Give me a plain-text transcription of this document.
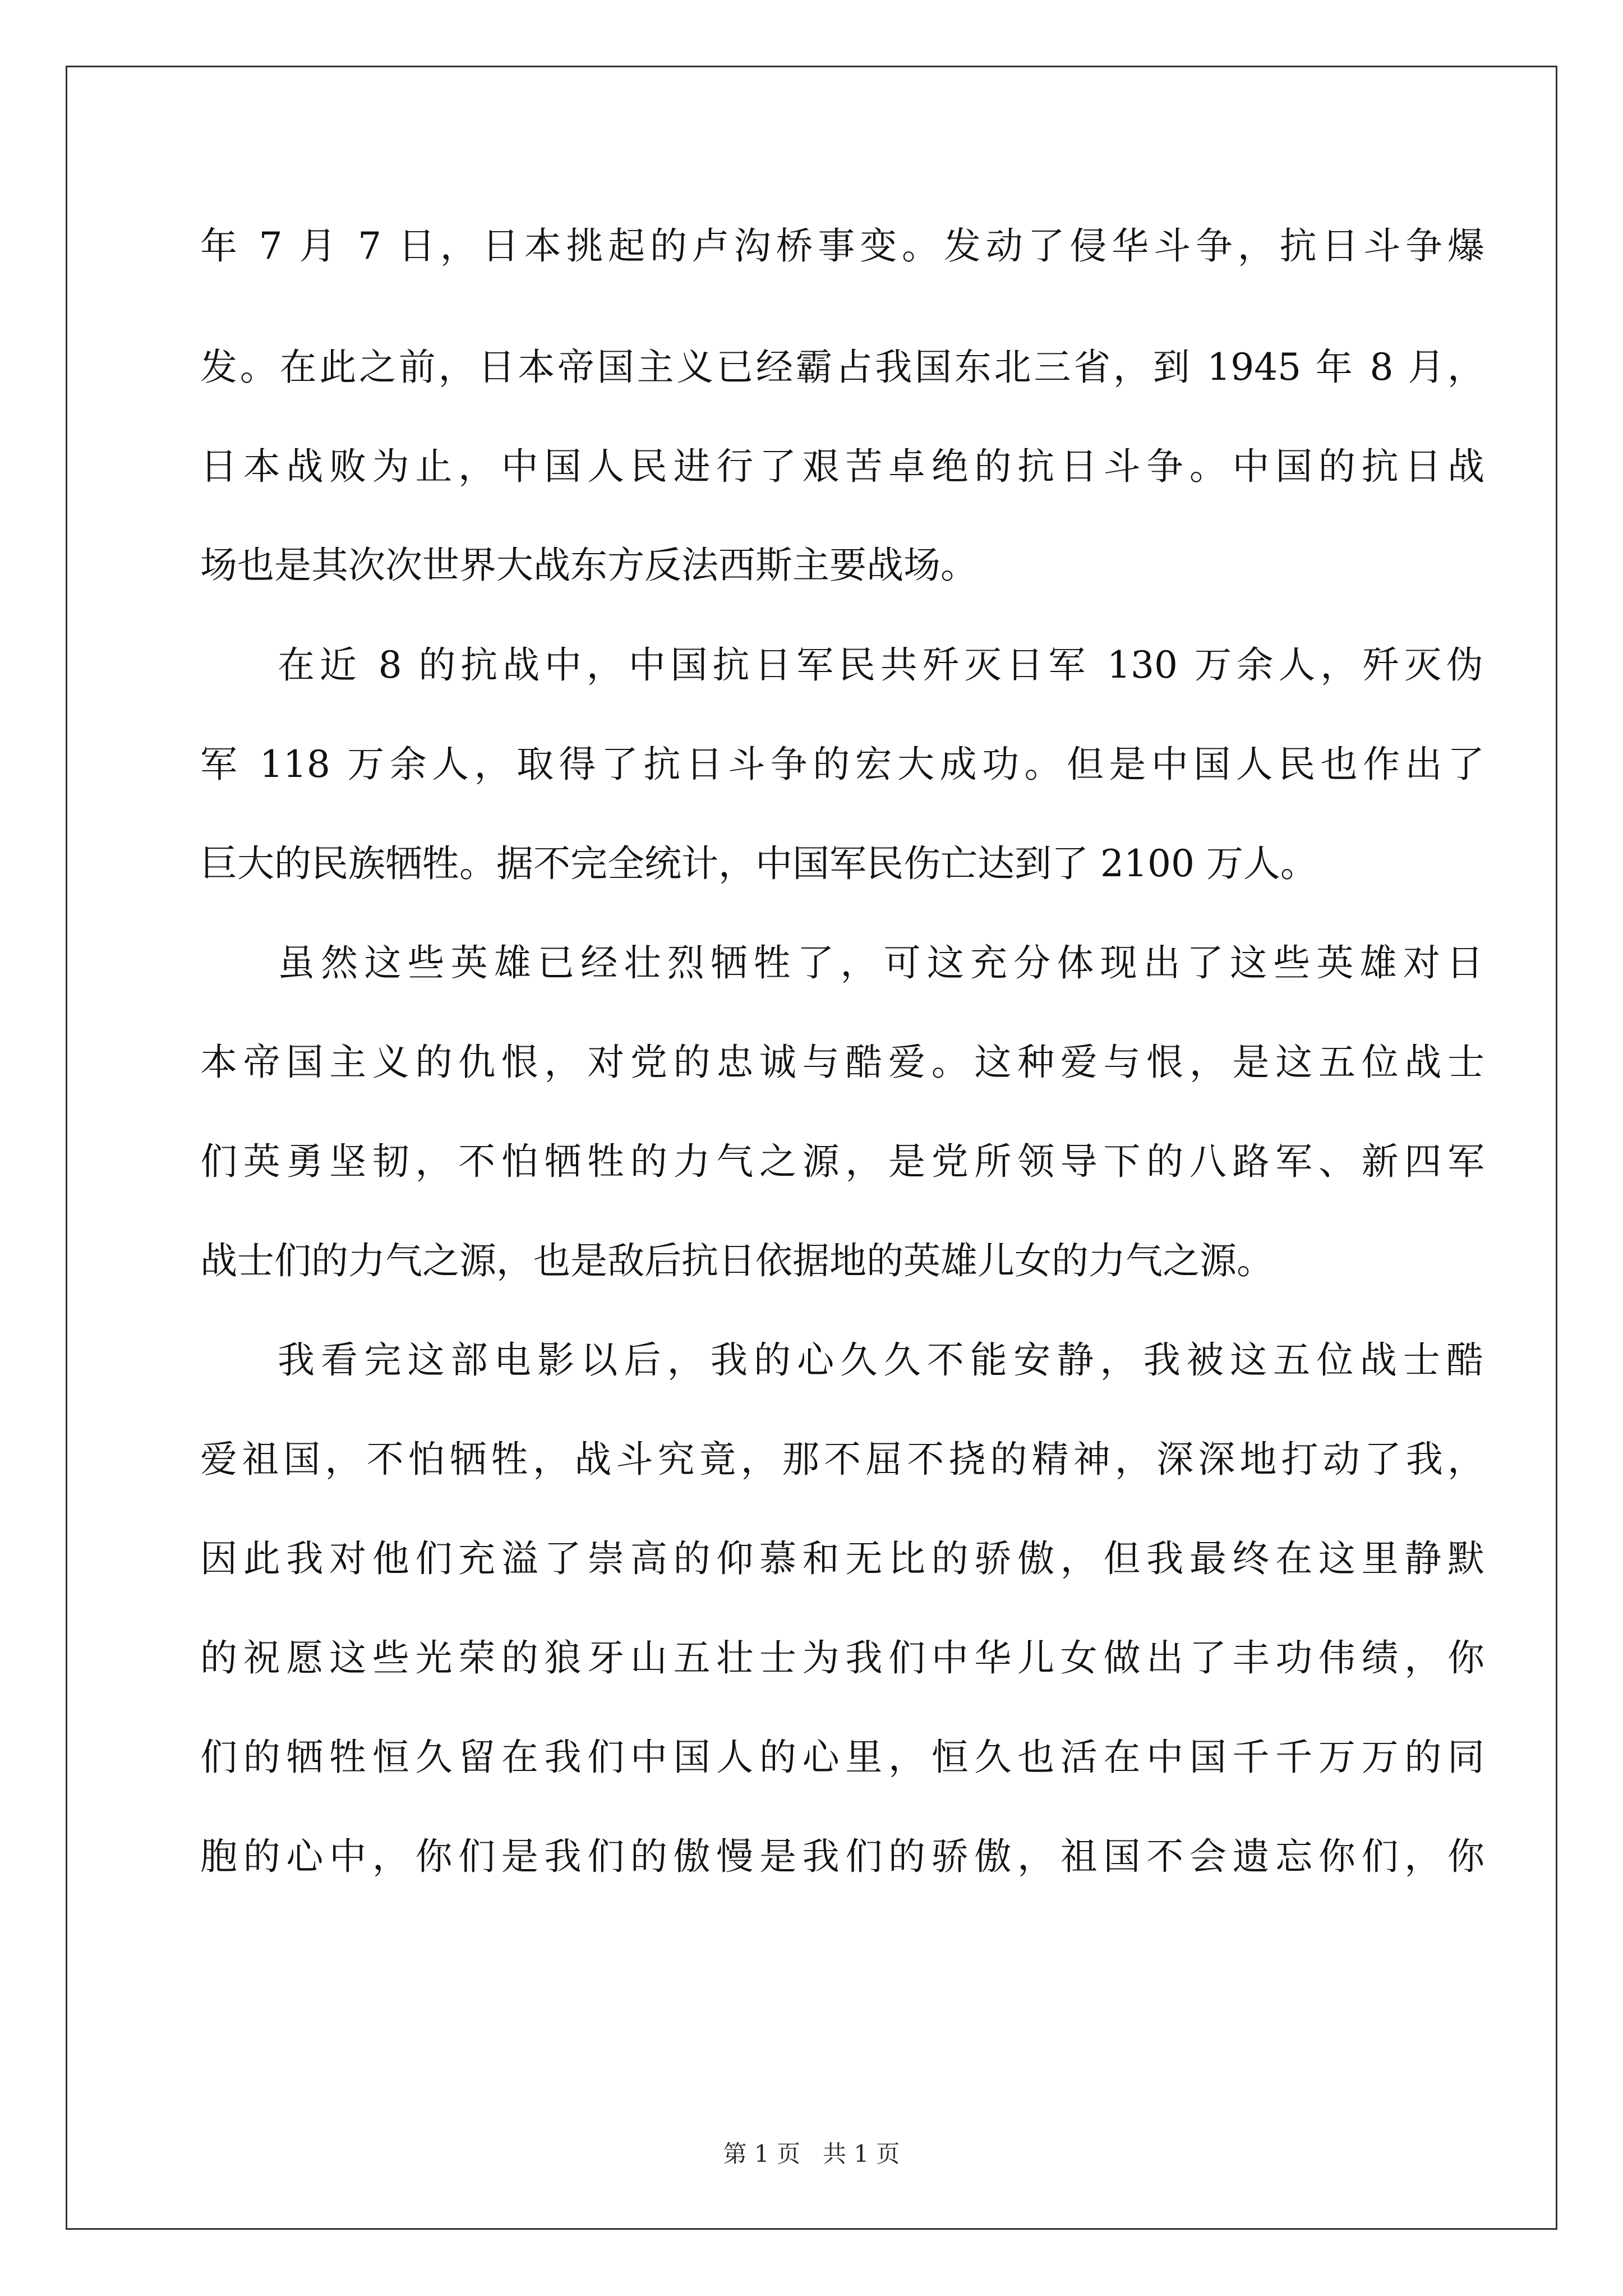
年 7 月 7 日，日本挑起的卢沟桥事变。发动了侵华斗争，抗日斗争爆
发。在此之前，日本帝国主义已经霸占我国东北三省，到 1945 年 8 月，
日本战败为止，中国人民进行了艰苦卓绝的抗日斗争。中国的抗日战
场也是其次次世界大战东方反法西斯主要战场。
在近 8 的抗战中，中国抗日军民共歼灭日军 130 万余人，歼灭伪
军 118 万余人，取得了抗日斗争的宏大成功。但是中国人民也作出了
巨大的民族牺牲。据不完全统计，中国军民伤亡达到了 2100 万人。
虽然这些英雄已经壮烈牺牲了，可这充分体现出了这些英雄对日
本帝国主义的仇恨，对党的忠诚与酷爱。这种爱与恨，是这五位战士
们英勇坚韧，不怕牺牲的力气之源，是党所领导下的八路军、新四军
战士们的力气之源，也是敌后抗日依据地的英雄儿女的力气之源。
我看完这部电影以后，我的心久久不能安静，我被这五位战士酷
爱祖国，不怕牺牲，战斗究竟，那不屈不挠的精神，深深地打动了我，
因此我对他们充溢了崇高的仰慕和无比的骄傲，但我最终在这里静默
的祝愿这些光荣的狼牙山五壮士为我们中华儿女做出了丰功伟绩，你
们的牺牲恒久留在我们中国人的心里，恒久也活在中国千千万万的同
胞的心中，你们是我们的傲慢是我们的骄傲，祖国不会遗忘你们，你
第 1 页 共 1 页
